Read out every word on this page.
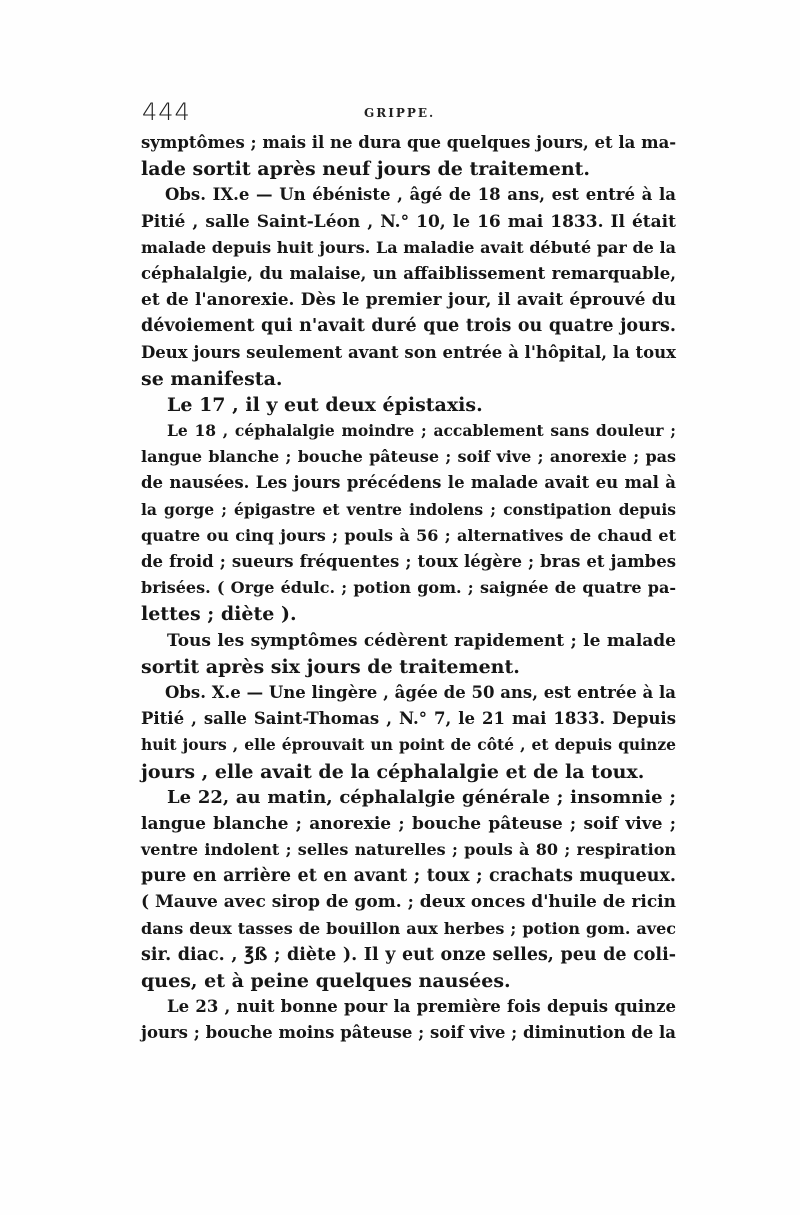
444	GRIPPE.
symptômes ; mais il ne dura que quelques jours, et la ma-
lade sortit après neuf jours de traitement.
Obs. IX.e — Un ébéniste , âgé de 18 ans, est entré à la
Pitié , salle Saint-Léon , N.° 10, le 16 mai 1833. Il était
malade depuis huit jours. La maladie avait débuté par de la
céphalalgie, du malaise, un affaiblissement remarquable,
et de l'anorexie. Dès le premier jour, il avait éprouvé du
dévoiement qui n'avait duré que trois ou quatre jours.
Deux jours seulement avant son entrée à l'hôpital, la toux
se manifesta.
Le 17 , il y eut deux épistaxis.
Le 18 , céphalalgie moindre ; accablement sans douleur ;
langue blanche ; bouche pâteuse ; soif vive ; anorexie ; pas
de nausées. Les jours précédens le malade avait eu mal à
la gorge ; épigastre et ventre indolens ; constipation depuis
quatre ou cinq jours ; pouls à 56 ; alternatives de chaud et
de froid ; sueurs fréquentes ; toux légère ; bras et jambes
brisées. ( Orge édulc. ; potion gom. ; saignée de quatre pa-
lettes ; diète ).
Tous les symptômes cédèrent rapidement ; le malade
sortit après six jours de traitement.
Obs. X.e — Une lingère , âgée de 50 ans, est entrée à la
Pitié , salle Saint-Thomas , N.° 7, le 21 mai 1833. Depuis
huit jours , elle éprouvait un point de côté , et depuis quinze
jours , elle avait de la céphalalgie et de la toux.
Le 22, au matin, céphalalgie générale ; insomnie ;
langue blanche ; anorexie ; bouche pâteuse ; soif vive ;
ventre indolent ; selles naturelles ; pouls à 80 ; respiration
pure en arrière et en avant ; toux ; crachats muqueux.
( Mauve avec sirop de gom. ; deux onces d'huile de ricin
dans deux tasses de bouillon aux herbes ; potion gom. avec
sir. diac. , ℥ß ; diète ). Il y eut onze selles, peu de coli-
ques, et à peine quelques nausées.
Le 23 , nuit bonne pour la première fois depuis quinze
jours ; bouche moins pâteuse ; soif vive ; diminution de la
